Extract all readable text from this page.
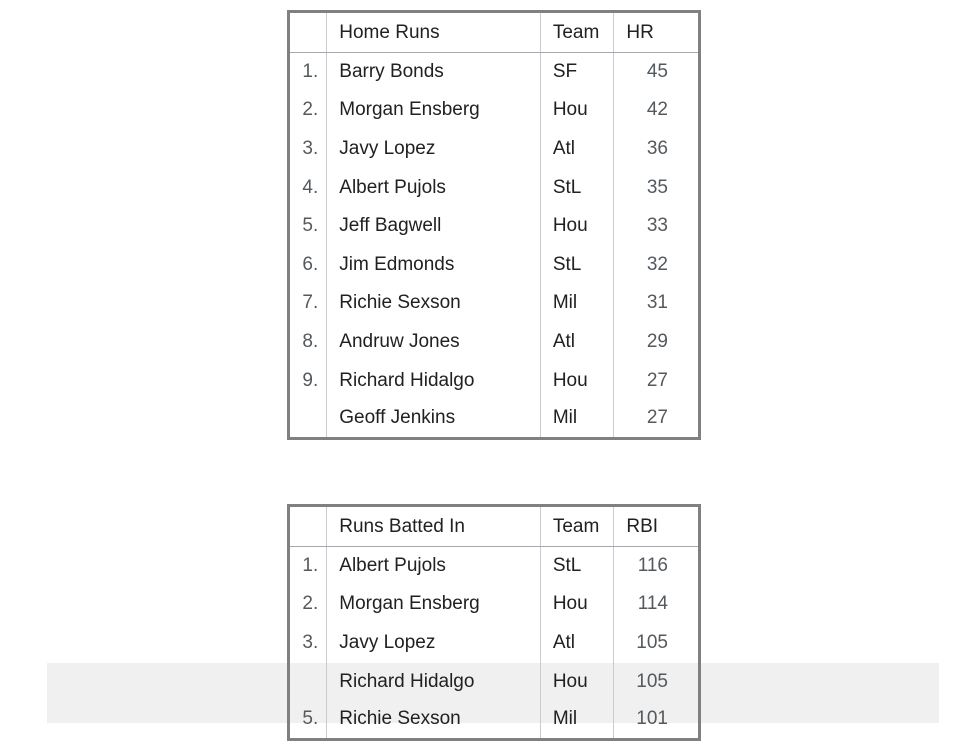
	Home Runs	Team	HR
1.	Barry Bonds	SF	45
2.	Morgan Ensberg	Hou	42
3.	Javy Lopez	Atl	36
4.	Albert Pujols	StL	35
5.	Jeff Bagwell	Hou	33
6.	Jim Edmonds	StL	32
7.	Richie Sexson	Mil	31
8.	Andruw Jones	Atl	29
9.	Richard Hidalgo	Hou	27
	Geoff Jenkins	Mil	27
	Runs Batted In	Team	RBI
1.	Albert Pujols	StL	116
2.	Morgan Ensberg	Hou	114
3.	Javy Lopez	Atl	105
	Richard Hidalgo	Hou	105
5.	Richie Sexson	Mil	101
